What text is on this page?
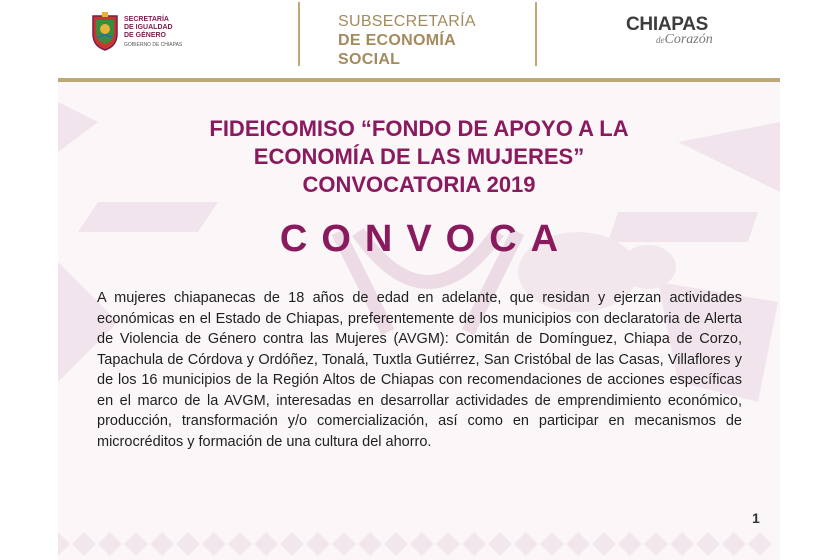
SECRETARÍA
DE IGUALDAD
DE GÉNERO
GOBIERNO DE CHIAPAS
SUBSECRETARÍA
DE ECONOMÍA
SOCIAL
CHIAPAS
deCorazón
FIDEICOMISO “FONDO DE APOYO A LA
ECONOMÍA DE LAS MUJERES”
CONVOCATORIA 2019
CONVOCA
A mujeres chiapanecas de 18 años de edad en adelante, que residan y ejerzan actividades económicas en el Estado de Chiapas, preferentemente de los municipios con declaratoria de Alerta de Violencia de Género contra las Mujeres (AVGM): Comitán de Domínguez, Chiapa de Corzo, Tapachula de Córdova y Ordóñez, Tonalá, Tuxtla Gutiérrez, San Cristóbal de las Casas, Villaflores y de los 16 municipios de la Región Altos de Chiapas con recomendaciones de acciones específicas en el marco de la AVGM, interesadas en desarrollar actividades de emprendimiento económico, producción, transformación y/o comercialización, así como en participar en mecanismos de microcréditos y formación de una cultura del ahorro.
1
